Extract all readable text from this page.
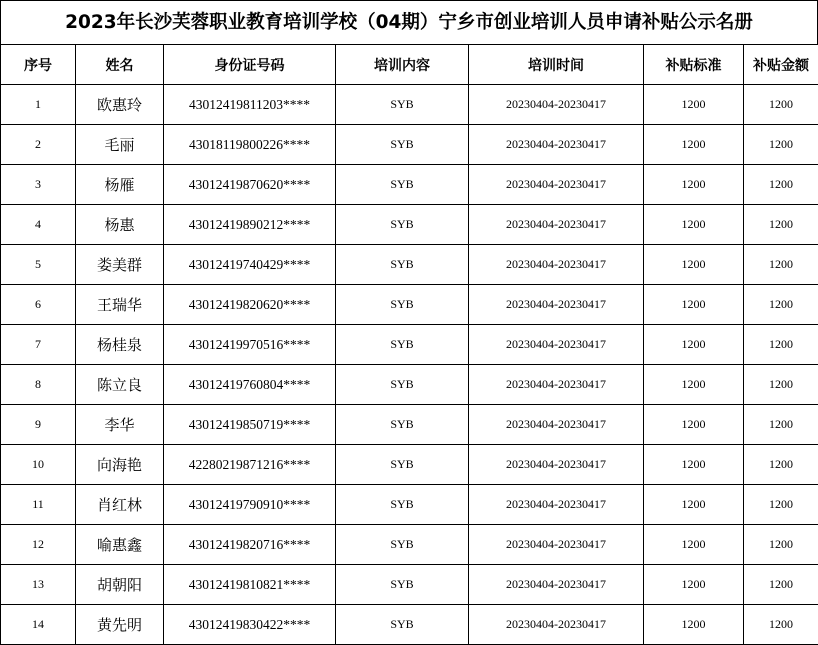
2023年长沙芙蓉职业教育培训学校（04期）宁乡市创业培训人员申请补贴公示名册
序号	姓名	身份证号码	培训内容	培训时间	补贴标准	补贴金额
1	欧惠玲	43012419811203****	SYB	20230404-20230417	1200	1200
2	毛丽	43018119800226****	SYB	20230404-20230417	1200	1200
3	杨雁	43012419870620****	SYB	20230404-20230417	1200	1200
4	杨惠	43012419890212****	SYB	20230404-20230417	1200	1200
5	娄美群	43012419740429****	SYB	20230404-20230417	1200	1200
6	王瑞华	43012419820620****	SYB	20230404-20230417	1200	1200
7	杨桂泉	43012419970516****	SYB	20230404-20230417	1200	1200
8	陈立良	43012419760804****	SYB	20230404-20230417	1200	1200
9	李华	43012419850719****	SYB	20230404-20230417	1200	1200
10	向海艳	42280219871216****	SYB	20230404-20230417	1200	1200
11	肖红林	43012419790910****	SYB	20230404-20230417	1200	1200
12	喻惠鑫	43012419820716****	SYB	20230404-20230417	1200	1200
13	胡朝阳	43012419810821****	SYB	20230404-20230417	1200	1200
14	黄先明	43012419830422****	SYB	20230404-20230417	1200	1200
